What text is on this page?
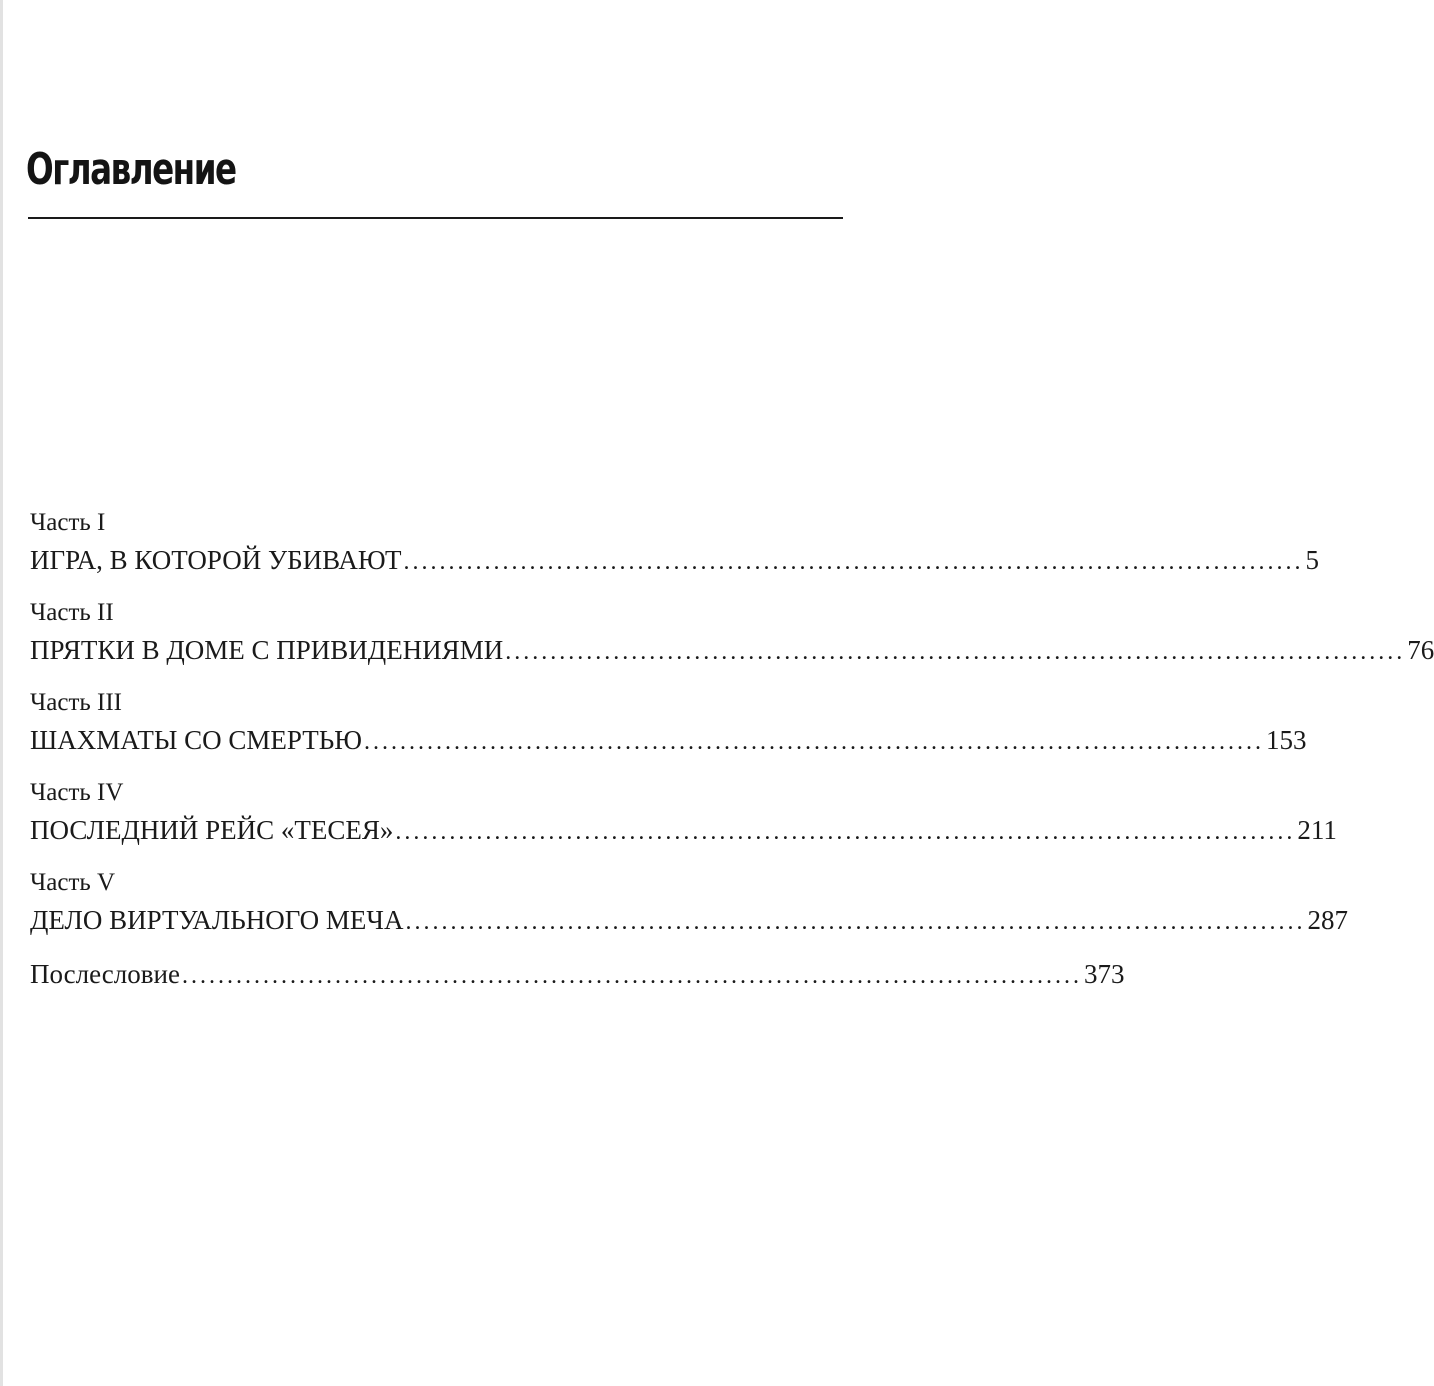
Оглавление
Часть I
ИГРА, В КОТОРОЙ УБИВАЮТ .................................................................................................... 5
Часть II
ПРЯТКИ В ДОМЕ С ПРИВИДЕНИЯМИ .................................................................................................... 76
Часть III
ШАХМАТЫ СО СМЕРТЬЮ .................................................................................................... 153
Часть IV
ПОСЛЕДНИЙ РЕЙС «ТЕСЕЯ» .................................................................................................... 211
Часть V
ДЕЛО ВИРТУАЛЬНОГО МЕЧА .................................................................................................... 287
Послесловие .................................................................................................... 373
